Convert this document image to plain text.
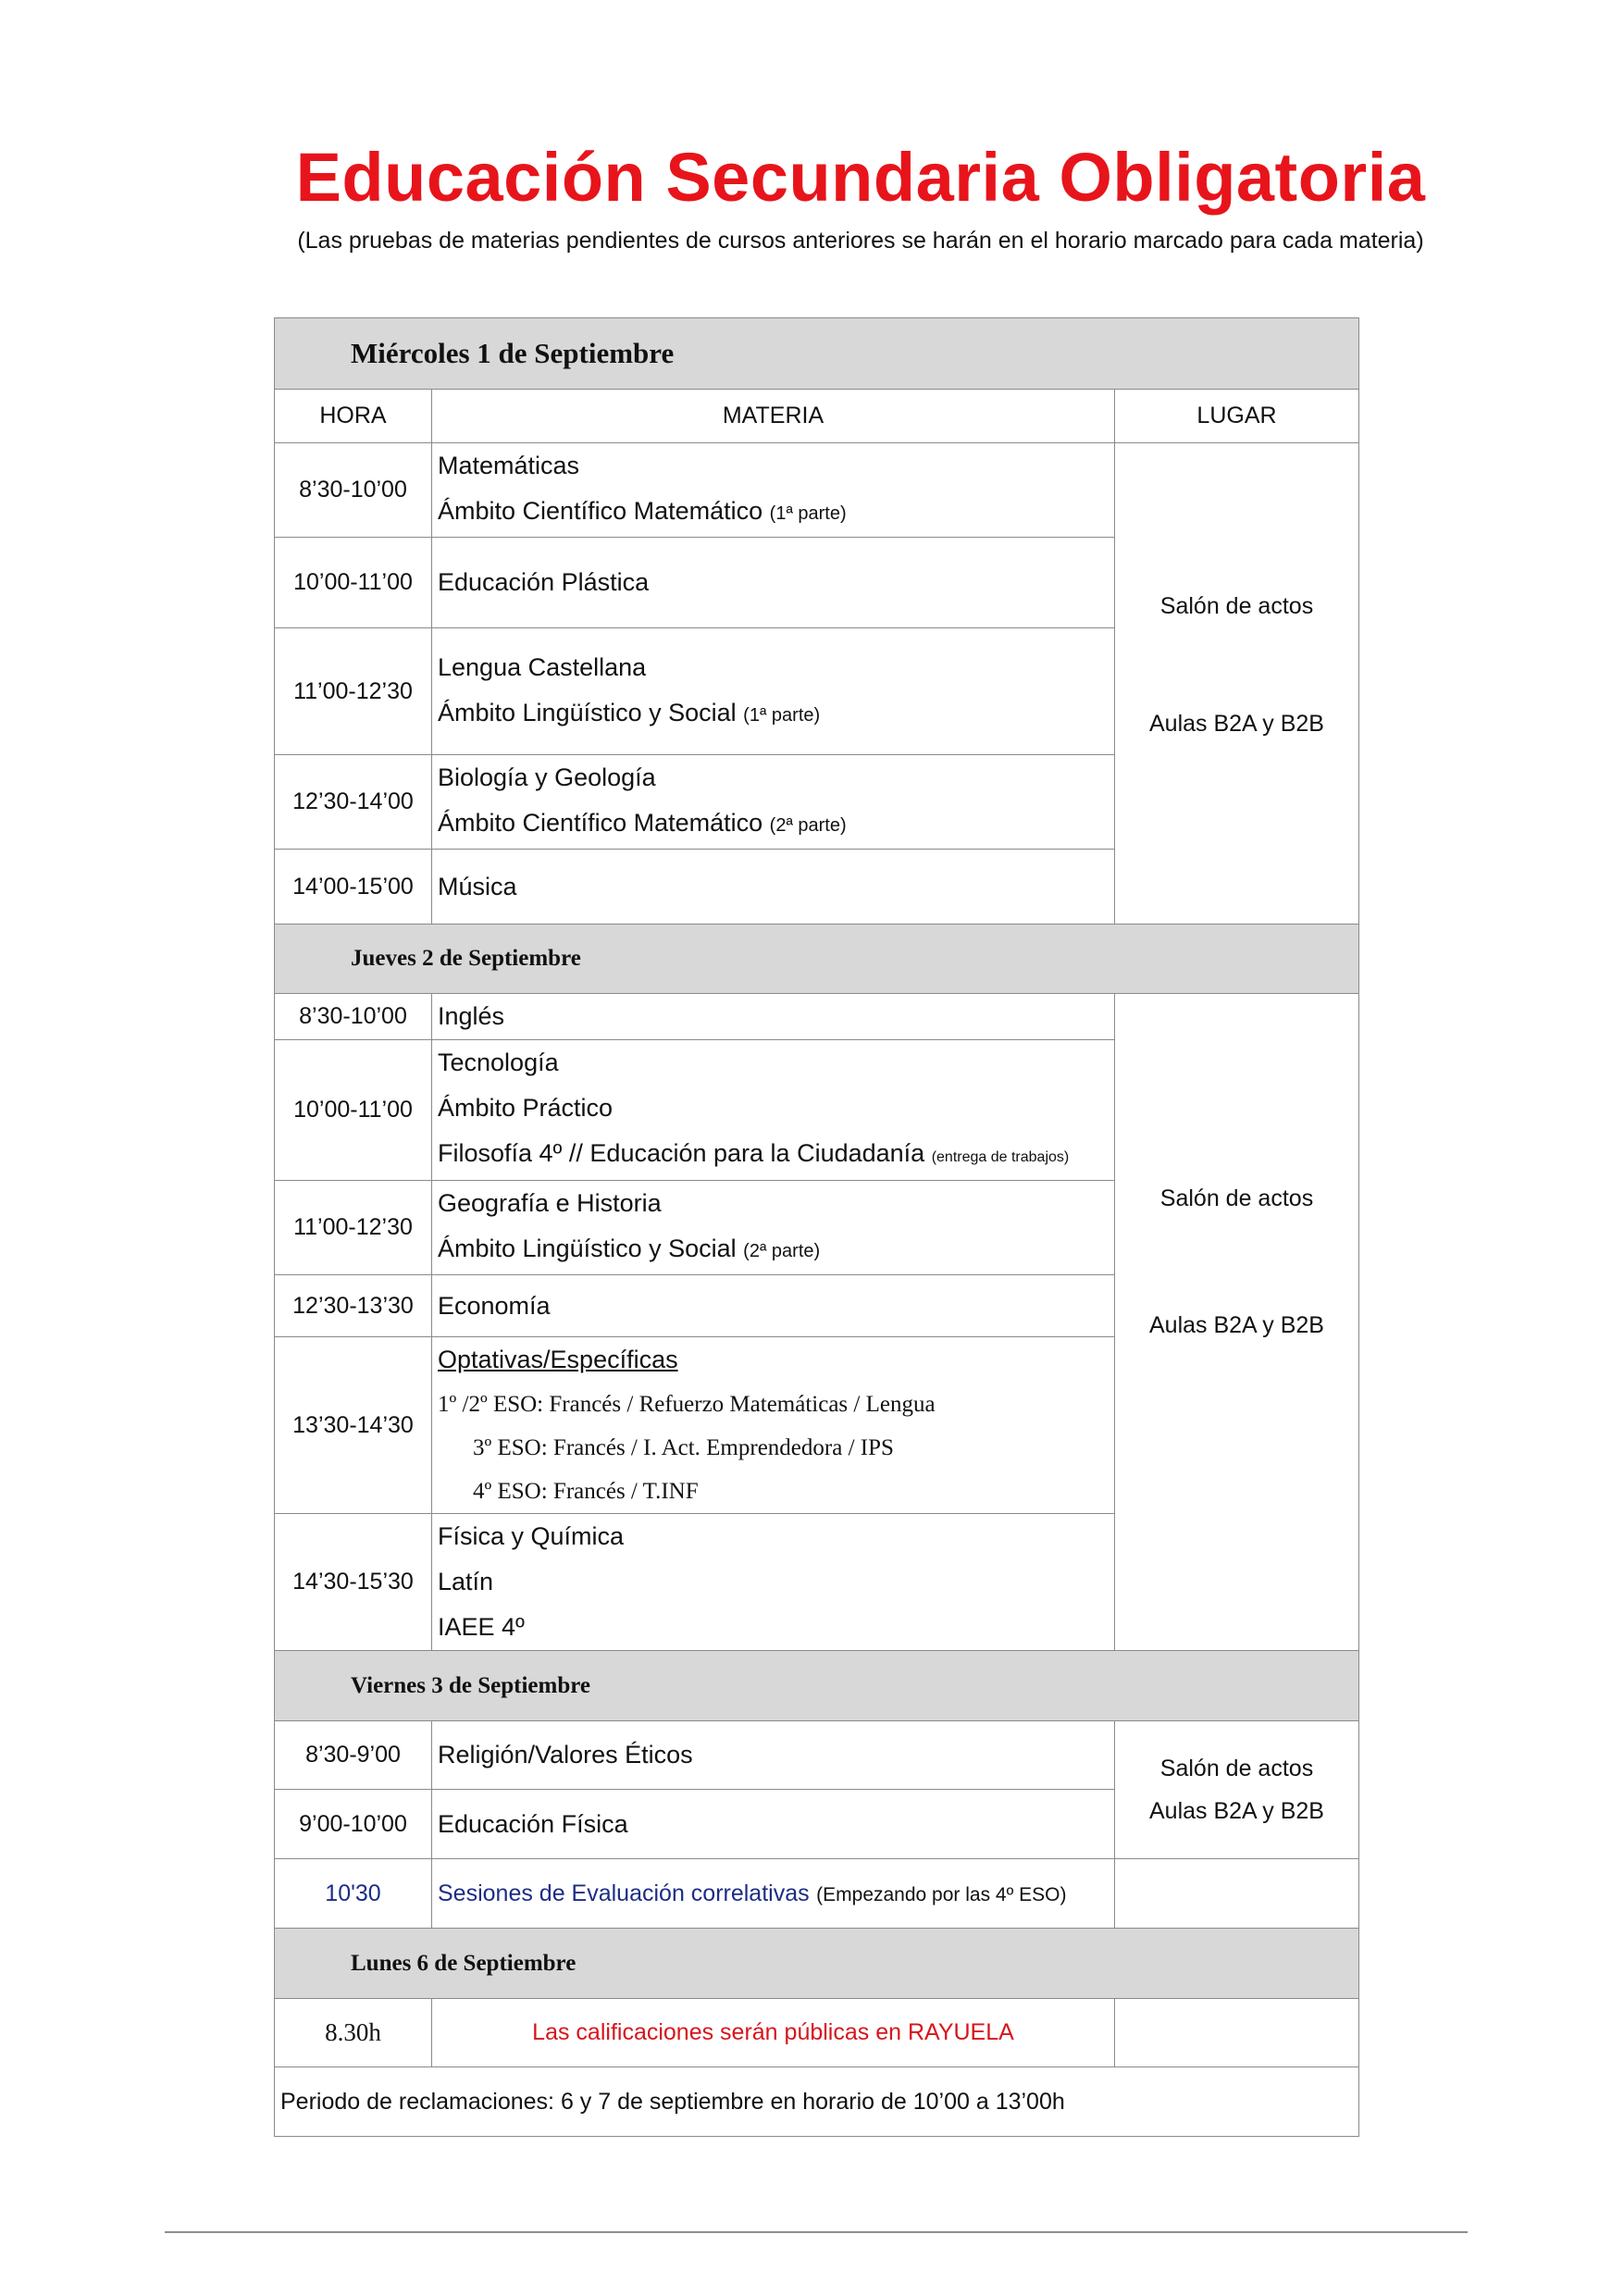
Educación Secundaria Obligatoria
(Las pruebas de materias pendientes de cursos anteriores se harán en el horario marcado para cada materia)
Miércoles 1 de Septiembre		
HORA	MATERIA	LUGAR
8’30-10’00	Matemáticas
Ámbito Científico Matemático (1ª parte)	Salón de actos
Aulas B2A y B2B

10’00-11’00	Educación Plástica	

11’00-12’30	Lengua Castellana
Ámbito Lingüístico y Social (1ª parte)	

12’30-14’00	Biología y Geología
Ámbito Científico Matemático (2ª parte)	

14’00-15’00	Música	

Jueves 2 de Septiembre		
8’30-10’00	Inglés	Salón de actos
Aulas B2A y B2B

10’00-11’00	Tecnología
Ámbito Práctico
Filosofía 4º // Educación para la Ciudadanía (entrega de trabajos)	

11’00-12’30	Geografía e Historia
Ámbito Lingüístico y Social (2ª parte)	

12’30-13’30	Economía	

13’30-14’30	Optativas/Específicas
1º /2º ESO: Francés / Refuerzo Matemáticas / Lengua
3º ESO: Francés / I. Act. Emprendedora / IPS
4º ESO: Francés / T.INF	

14’30-15’30	Física y Química
Latín
IAEE 4º	

Viernes 3 de Septiembre		
8’30-9’00	Religión/Valores Éticos	Salón de actos
Aulas B2A y B2B

9’00-10’00	Educación Física	

10'30	Sesiones de Evaluación correlativas (Empezando por las 4º ESO)	

Lunes 6 de Septiembre		
8.30h	Las calificaciones serán públicas en RAYUELA	
Periodo de reclamaciones: 6 y 7 de septiembre en horario de 10’00 a 13’00h		
